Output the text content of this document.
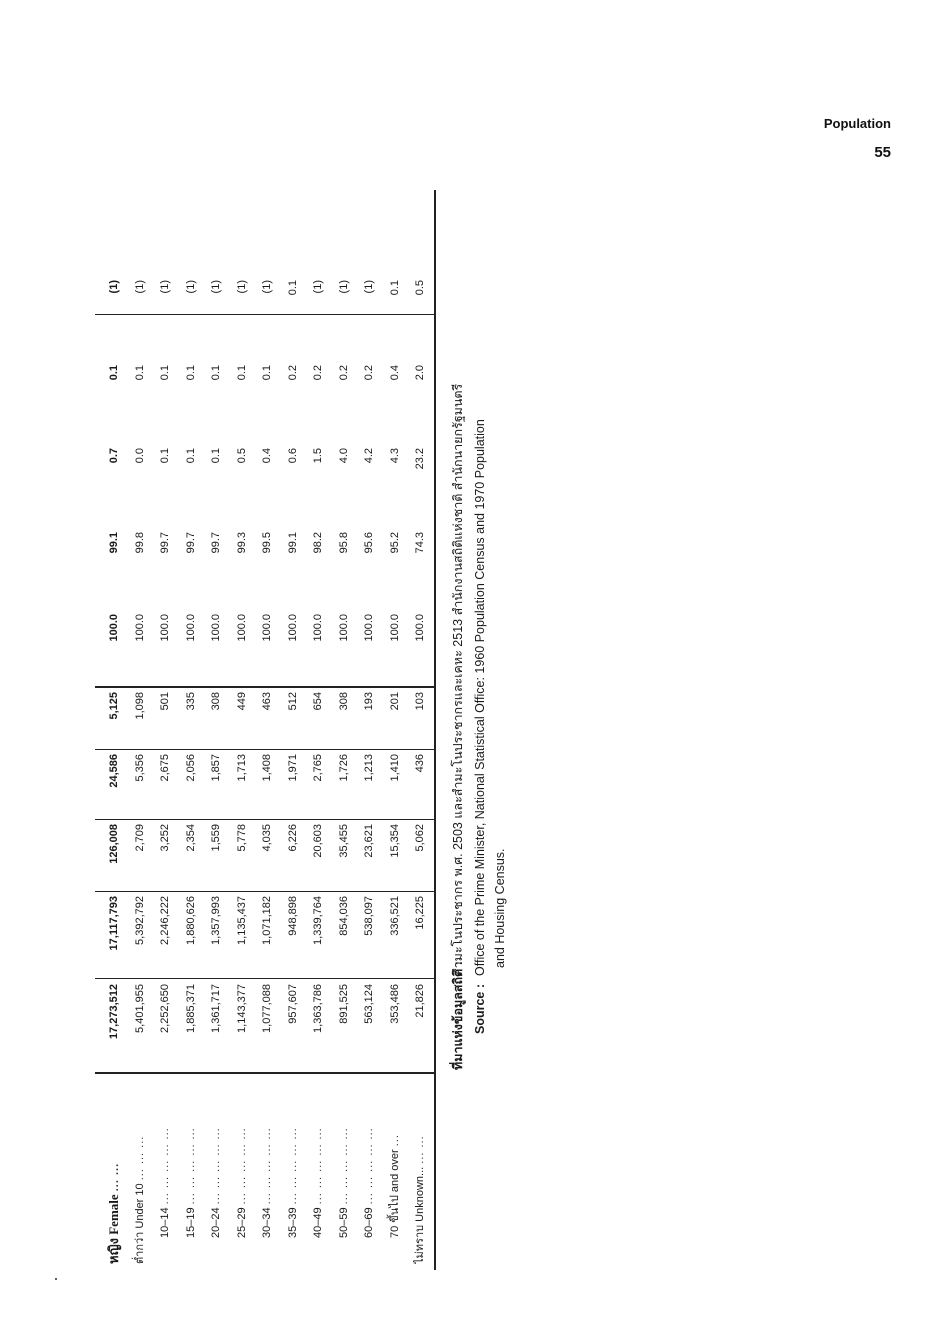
Population
55
หญิง Female ... ...
17,273,512
17,117,793
126,008
24,586
5,125
100.0
99.1
0.7
0.1
(1)
ต่ำกว่า Under 10 ... ... ...
5,401,955
5,392,792
2,709
5,356
1,098
100.0
99.8
0.0
0.1
(1)
10–14 ... ... ... ... ...
2,252,650
2,246,222
3,252
2,675
501
100.0
99.7
0.1
0.1
(1)
15–19 ... ... ... ... ...
1,885,371
1,880,626
2,354
2,056
335
100.0
99.7
0.1
0.1
(1)
20–24 ... ... ... ... ...
1,361,717
1,357,993
1,559
1,857
308
100.0
99.7
0.1
0.1
(1)
25–29 ... ... ... ... ...
1,143,377
1,135,437
5,778
1,713
449
100.0
99.3
0.5
0.1
(1)
30–34 ... ... ... ... ...
1,077,088
1,071,182
4,035
1,408
463
100.0
99.5
0.4
0.1
(1)
35–39 ... ... ... ... ...
957,607
948,898
6,226
1,971
512
100.0
99.1
0.6
0.2
0.1
40–49 ... ... ... ... ...
1,363,786
1,339,764
20,603
2,765
654
100.0
98.2
1.5
0.2
(1)
50–59 ... ... ... ... ...
891,525
854,036
35,455
1,726
308
100.0
95.8
4.0
0.2
(1)
60–69 ... ... ... ... ...
563,124
538,097
23,621
1,213
193
100.0
95.6
4.2
0.2
(1)
70 ขึ้นไป and over ...
353,486
336,521
15,354
1,410
201
100.0
95.2
4.3
0.4
0.1
ไม่ทราบ Unknown... ... ...
21,826
16,225
5,062
436
103
100.0
74.3
23.2
2.0
0.5
ที่มาแห่งข้อมูลสถิติ :สำมะโนประชากร พ.ศ. 2503 และสำมะโนประชากรและเคหะ 2513 สำนักงานสถิติแห่งชาติ สำนักนายกรัฐมนตรี
Source :Office of the Prime Minister, National Statistical Office: 1960 Population Census and 1970 Population and Housing Census.
